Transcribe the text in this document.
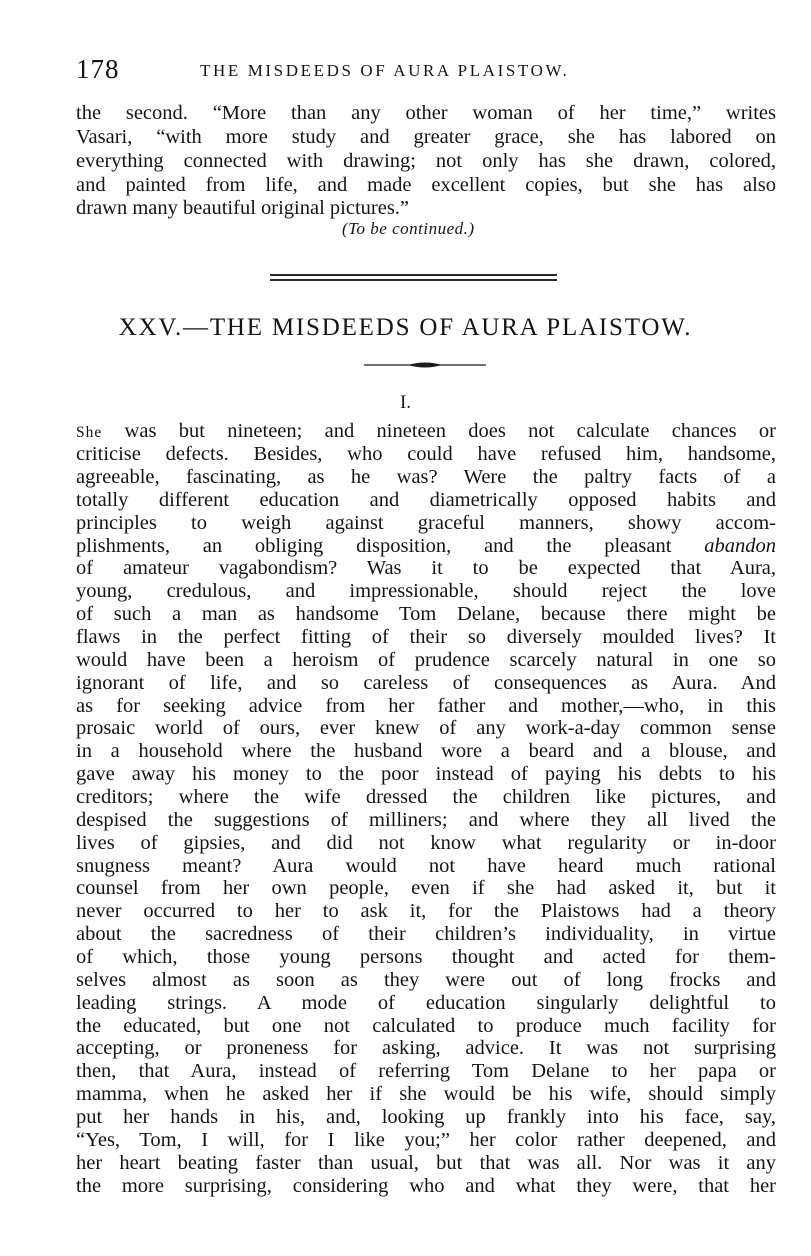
178	THE MISDEEDS OF AURA PLAISTOW.
the second. “More than any other woman of her time,” writes
Vasari, “with more study and greater grace, she has labored on
everything connected with drawing; not only has she drawn, colored,
and painted from life, and made excellent copies, but she has also
drawn many beautiful original pictures.”
(To be continued.)
XXV.—THE MISDEEDS OF AURA PLAISTOW.
I.
She was but nineteen; and nineteen does not calculate chances or
criticise defects. Besides, who could have refused him, handsome,
agreeable, fascinating, as he was? Were the paltry facts of a
totally different education and diametrically opposed habits and
principles to weigh against graceful manners, showy accom-
plishments, an obliging disposition, and the pleasant abandon
of amateur vagabondism? Was it to be expected that Aura,
young, credulous, and impressionable, should reject the love
of such a man as handsome Tom Delane, because there might be
flaws in the perfect fitting of their so diversely moulded lives? It
would have been a heroism of prudence scarcely natural in one so
ignorant of life, and so careless of consequences as Aura. And
as for seeking advice from her father and mother,—who, in this
prosaic world of ours, ever knew of any work-a-day common sense
in a household where the husband wore a beard and a blouse, and
gave away his money to the poor instead of paying his debts to his
creditors; where the wife dressed the children like pictures, and
despised the suggestions of milliners; and where they all lived the
lives of gipsies, and did not know what regularity or in-door
snugness meant? Aura would not have heard much rational
counsel from her own people, even if she had asked it, but it
never occurred to her to ask it, for the Plaistows had a theory
about the sacredness of their children’s individuality, in virtue
of which, those young persons thought and acted for them-
selves almost as soon as they were out of long frocks and
leading strings. A mode of education singularly delightful to
the educated, but one not calculated to produce much facility for
accepting, or proneness for asking, advice. It was not surprising
then, that Aura, instead of referring Tom Delane to her papa or
mamma, when he asked her if she would be his wife, should simply
put her hands in his, and, looking up frankly into his face, say,
“Yes, Tom, I will, for I like you;” her color rather deepened, and
her heart beating faster than usual, but that was all. Nor was it any
the more surprising, considering who and what they were, that her
